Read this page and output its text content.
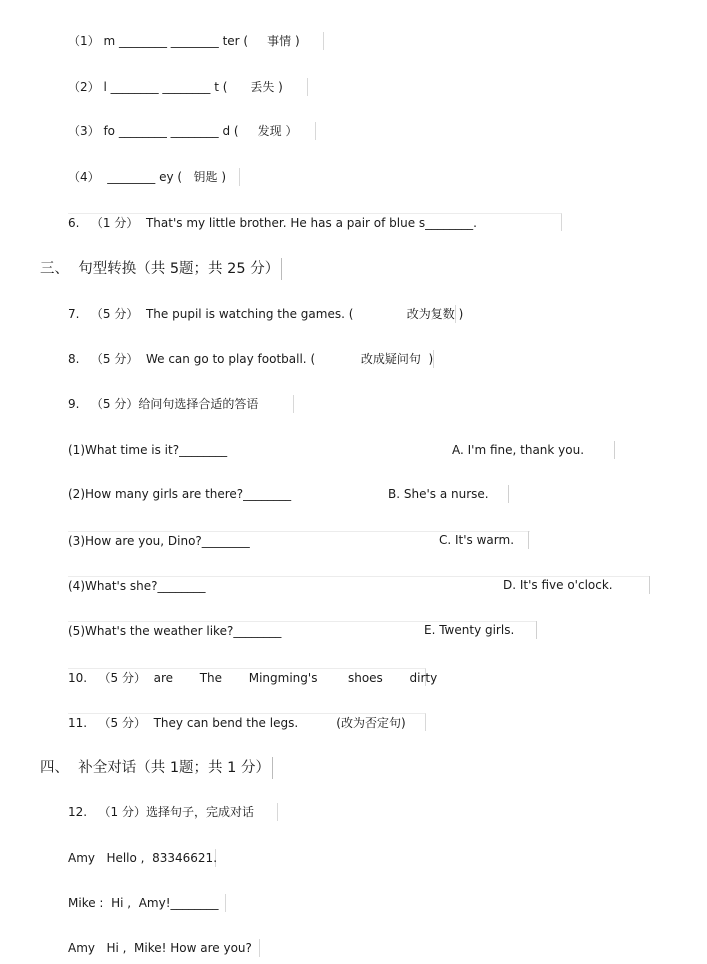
（1） m ________ ________ ter (     事情 )
（2） l ________ ________ t (      丢失 )
（3） fo ________ ________ d (     发现 ）
（4）  ________ ey (   钥匙 )
6.   （1 分）  That's my little brother. He has a pair of blue s________.
三、  句型转换（共 5题；共 25 分）
7.   （5 分）  The pupil is watching the games. (              改为复数 )
8.   （5 分）  We can go to play football. (            改成疑问句  )
9.   （5 分）给问句选择合适的答语
(1)What time is it?________	A. I'm fine, thank you.
(2)How many girls are there?________	B. She's a nurse.
(3)How are you, Dino?________	C. It's warm.
(4)What's she?________	D. It's five o'clock.
(5)What's the weather like?________	E. Twenty girls.
10.   （5 分）  are       The       Mingming's        shoes       dirty
11.   （5 分）  They can bend the legs.          (改为否定句)
四、  补全对话（共 1题；共 1 分）
12.   （1 分）选择句子，完成对话
Amy   Hello ,  83346621.
Mike :  Hi ,  Amy!________
Amy   Hi ,  Mike! How are you?
